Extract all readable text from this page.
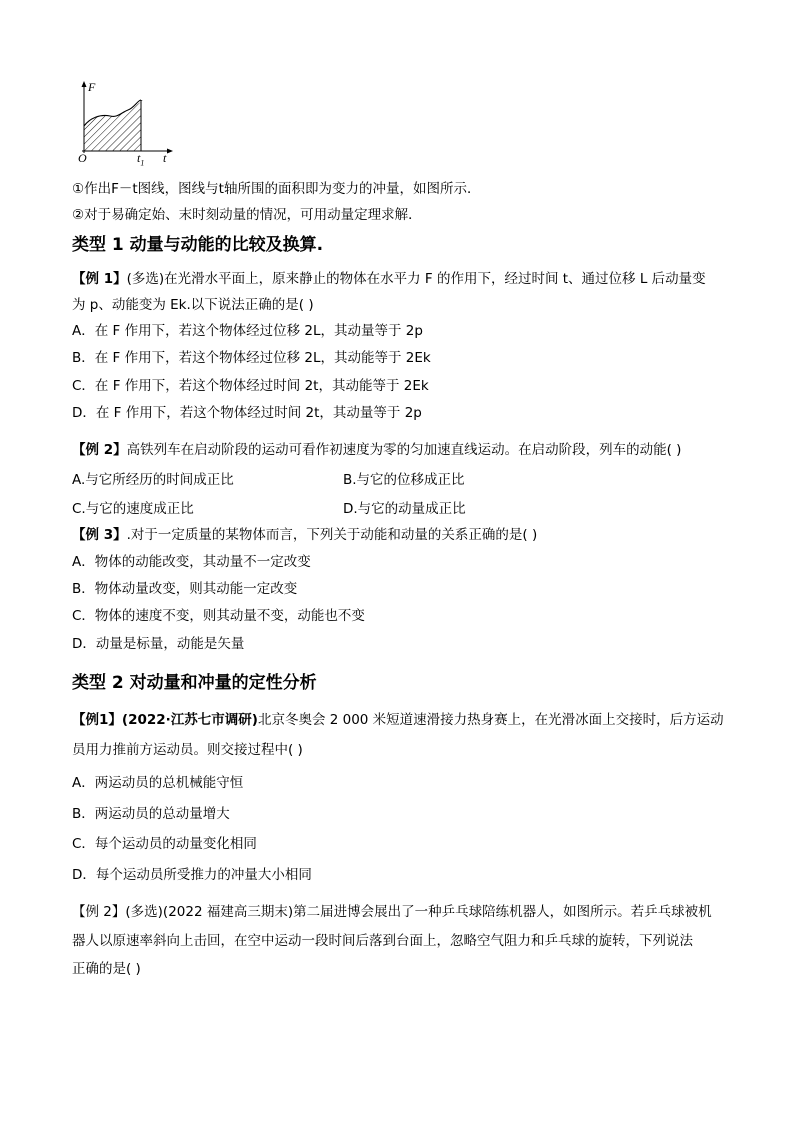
F
O	$t_1$ t
①作出F－t图线，图线与t轴所围的面积即为变力的冲量，如图所示．
②对于易确定始、末时刻动量的情况，可用动量定理求解．
类型 1 动量与动能的比较及换算.
【例 1】(多选)在光滑水平面上，原来静止的物体在水平力 F 的作用下，经过时间 t、通过位移 L 后动量变
为 p、动能变为 Ek.以下说法正确的是( )
A．在 F 作用下，若这个物体经过位移 2L，其动量等于 2p
B．在 F 作用下，若这个物体经过位移 2L，其动能等于 2Ek
C．在 F 作用下，若这个物体经过时间 2t，其动能等于 2Ek
D．在 F 作用下，若这个物体经过时间 2t，其动量等于 2p
【例 2】高铁列车在启动阶段的运动可看作初速度为零的匀加速直线运动。在启动阶段，列车的动能( )
A.与它所经历的时间成正比	B.与它的位移成正比
C.与它的速度成正比	D.与它的动量成正比
【例 3】.对于一定质量的某物体而言，下列关于动能和动量的关系正确的是( )
A．物体的动能改变，其动量不一定改变
B．物体动量改变，则其动能一定改变
C．物体的速度不变，则其动量不变，动能也不变
D．动量是标量，动能是矢量
类型 2 对动量和冲量的定性分析
【例1】(2022·江苏七市调研)北京冬奥会 2 000 米短道速滑接力热身赛上，在光滑冰面上交接时，后方运动
员用力推前方运动员。则交接过程中( )
A．两运动员的总机械能守恒
B．两运动员的总动量增大
C．每个运动员的动量变化相同
D．每个运动员所受推力的冲量大小相同
【例 2】(多选)(2022 福建高三期末)第二届进博会展出了一种乒乓球陪练机器人，如图所示。若乒乓球被机
器人以原速率斜向上击回，在空中运动一段时间后落到台面上，忽略空气阻力和乒乓球的旋转，下列说法
正确的是( )
